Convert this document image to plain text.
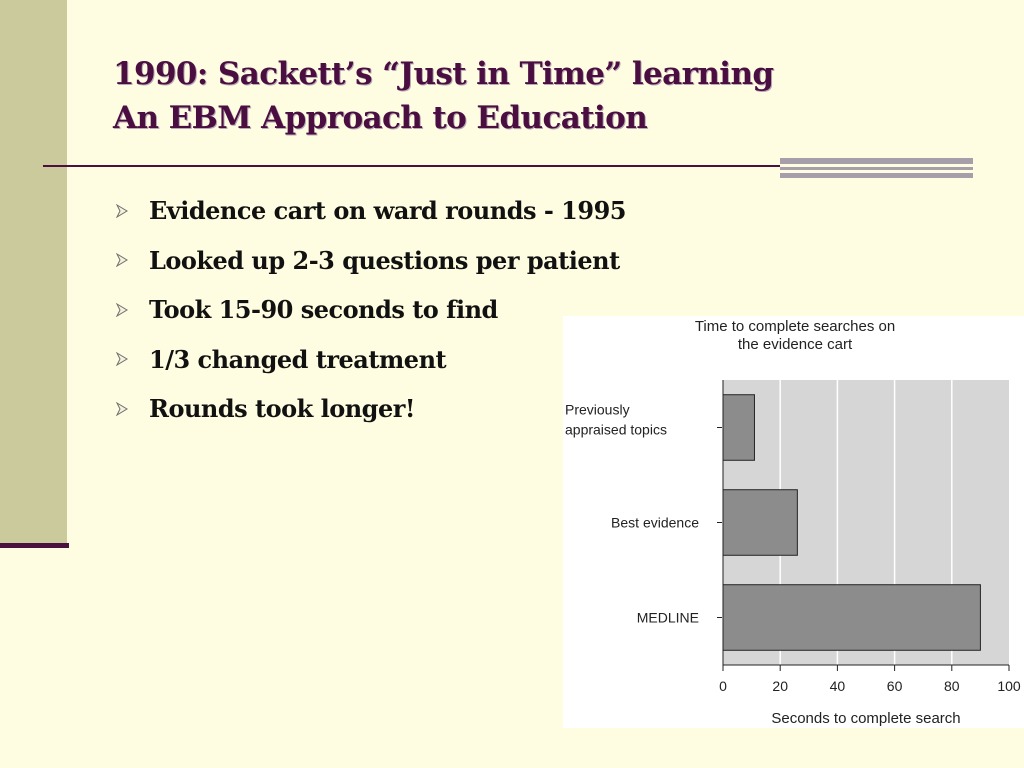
1990: Sackett’s “Just in Time” learning
An EBM Approach to Education
Evidence cart on ward rounds - 1995
Looked up 2-3 questions per patient
Took 15-90 seconds to find
1/3 changed treatment
Rounds took longer!
Time to complete searches on the evidence cart
Previously appraised topics
Best evidence
MEDLINE
0	20	40	60	80	100
Seconds to complete search
